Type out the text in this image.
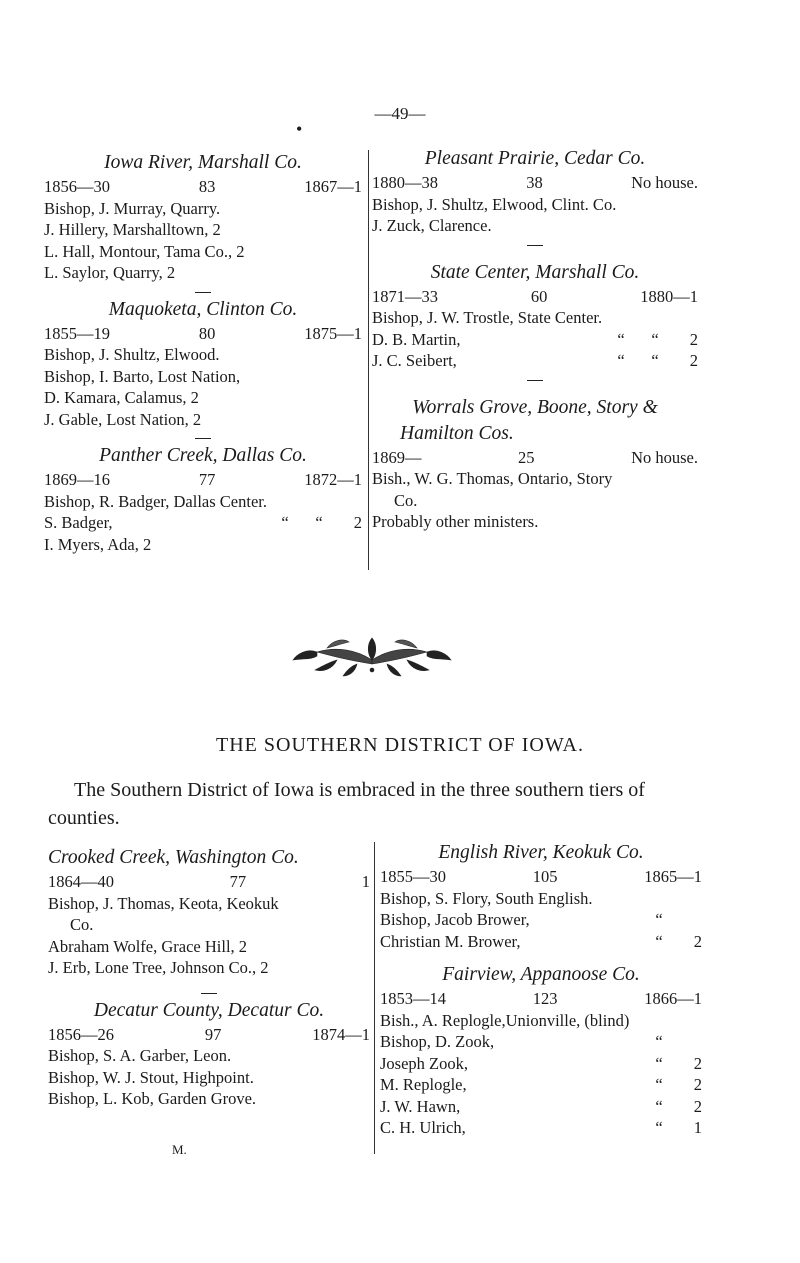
—49—
•
Iowa River, Marshall Co.
1856—30	83	1867—1
Bishop, J. Murray, Quarry.
J. Hillery, Marshalltown, 2
L. Hall, Montour, Tama Co., 2
L. Saylor, Quarry, 2
Maquoketa, Clinton Co.
1855—19	80	1875—1
Bishop, J. Shultz, Elwood.
Bishop, I. Barto, Lost Nation,
D. Kamara, Calamus, 2
J. Gable, Lost Nation, 2
Panther Creek, Dallas Co.
1869—16	77	1872—1
Bishop, R. Badger, Dallas Center.
S. Badger,	“	“	2
I. Myers, Ada, 2
Pleasant Prairie, Cedar Co.
1880—38	38	No house.
Bishop, J. Shultz, Elwood, Clint. Co.
J. Zuck, Clarence.
State Center, Marshall Co.
1871—33	60	1880—1
Bishop, J. W. Trostle, State Center.
D. B. Martin,	“	“	2
J. C. Seibert,	“	“	2
Worrals Grove, Boone, Story &
Hamilton Cos.
1869—	25	No house.
Bish., W. G. Thomas, Ontario, Story
Co.
Probably other ministers.
THE SOUTHERN DISTRICT OF IOWA.

The Southern District of Iowa is embraced in the three southern tiers of counties.

Crooked Creek, Washington Co.
1864—40	77	1
Bishop, J. Thomas, Keota, Keokuk
Co.
Abraham Wolfe, Grace Hill, 2
J. Erb, Lone Tree, Johnson Co., 2
Decatur County, Decatur Co.
1856—26	97	1874—1
Bishop, S. A. Garber, Leon.
Bishop, W. J. Stout, Highpoint.
Bishop, L. Kob, Garden Grove.
English River, Keokuk Co.
1855—30	105	1865—1
Bishop, S. Flory, South English.
Bishop, Jacob Brower,	“
Christian M. Brower,	“	2
Fairview, Appanoose Co.
1853—14	123	1866—1
Bish., A. Replogle,Unionville, (blind)
Bishop, D. Zook,	“
Joseph Zook,	“	2
M. Replogle,	“	2
J. W. Hawn,	“	2
C. H. Ulrich,	“	1
M.
